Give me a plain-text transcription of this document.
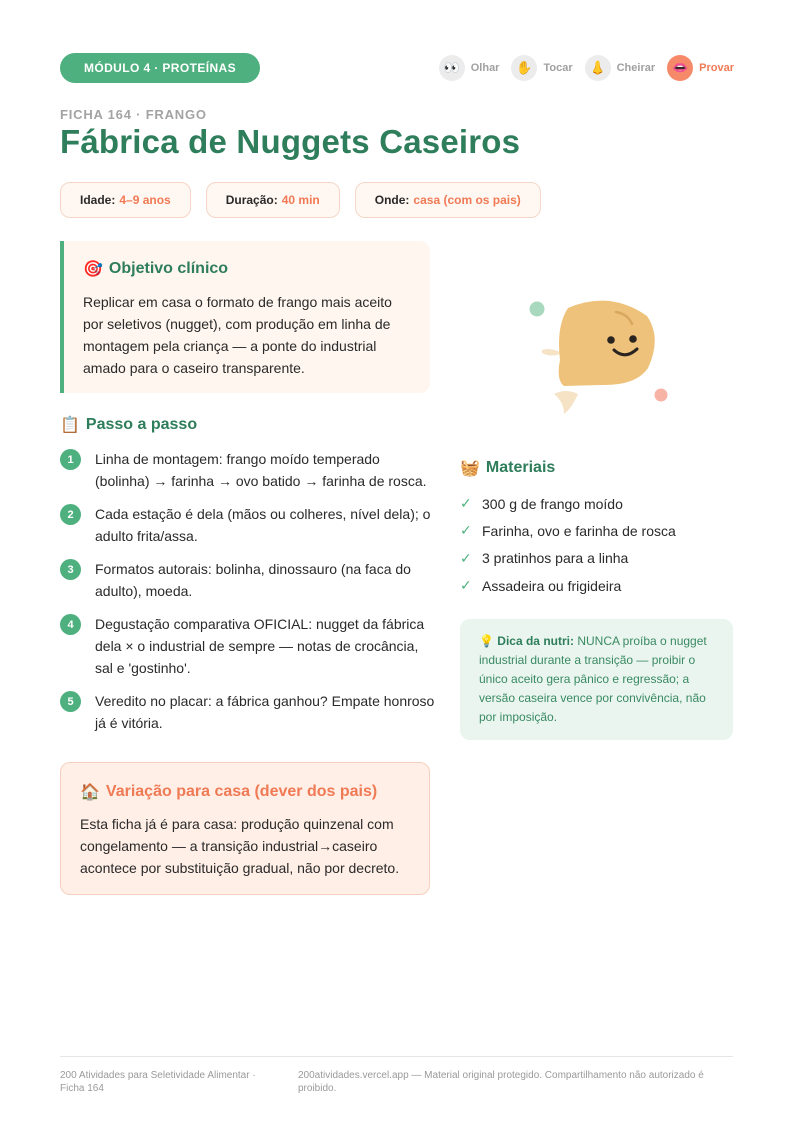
MÓDULO 4 · PROTEÍNAS	👀 Olhar	✋ Tocar	👃 Cheirar	👄 Provar
FICHA 164 · FRANGO
Fábrica de Nuggets Caseiros
Idade: 4–9 anos	Duração: 40 min	Onde: casa (com os pais)
🎯 Objetivo clínico

Replicar em casa o formato de frango mais aceito por seletivos (nugget), com produção em linha de montagem pela criança — a ponte do industrial amado para o caseiro transparente.

📋 Passo a passo
1	Linha de montagem: frango moído temperado (bolinha) → farinha → ovo batido → farinha de rosca.
2	Cada estação é dela (mãos ou colheres, nível dela); o adulto frita/assa.
3	Formatos autorais: bolinha, dinossauro (na faca do adulto), moeda.
4	Degustação comparativa OFICIAL: nugget da fábrica dela × o industrial de sempre — notas de crocância, sal e 'gostinho'.
5	Veredito no placar: a fábrica ganhou? Empate honroso já é vitória.
🏠 Variação para casa (dever dos pais)

Esta ficha já é para casa: produção quinzenal com congelamento — a transição industrial→caseiro acontece por substituição gradual, não por decreto.

🧺 Materiais
✓ 300 g de frango moído
✓ Farinha, ovo e farinha de rosca
✓ 3 pratinhos para a linha
✓ Assadeira ou frigideira
💡 Dica da nutri: NUNCA proíba o nugget industrial durante a transição — proibir o único aceito gera pânico e regressão; a versão caseira vence por convivência, não por imposição.
200 Atividades para Seletividade Alimentar · Ficha 164
200atividades.vercel.app — Material original protegido. Compartilhamento não autorizado é proibido.
